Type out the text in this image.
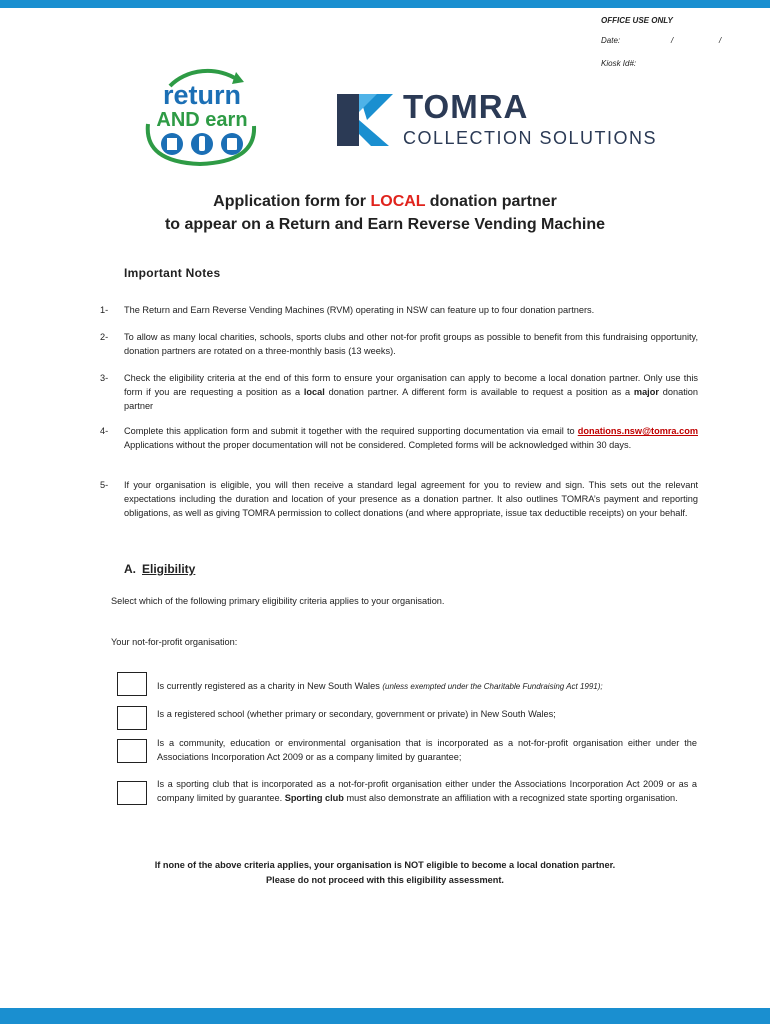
OFFICE USE ONLY
Date:	/	/
Kiosk Id#:
return
AND earn	TOMRA
COLLECTION SOLUTIONS
Application form for LOCAL donation partner
to appear on a Return and Earn Reverse Vending Machine
Important Notes
1- The Return and Earn Reverse Vending Machines (RVM) operating in NSW can feature up to four donation partners.
2- To allow as many local charities, schools, sports clubs and other not-for profit groups as possible to benefit from this fundraising opportunity, donation partners are rotated on a three-monthly basis (13 weeks).
3- Check the eligibility criteria at the end of this form to ensure your organisation can apply to become a local donation partner. Only use this form if you are requesting a position as a local donation partner. A different form is available to request a position as a major donation partner
4- Complete this application form and submit it together with the required supporting documentation via email to donations.nsw@tomra.com Applications without the proper documentation will not be considered. Completed forms will be acknowledged within 30 days.
5- If your organisation is eligible, you will then receive a standard legal agreement for you to review and sign. This sets out the relevant expectations including the duration and location of your presence as a donation partner. It also outlines TOMRA’s payment and reporting obligations, as well as giving TOMRA permission to collect donations (and where appropriate, issue tax deductible receipts) on your behalf.
A. Eligibility
Select which of the following primary eligibility criteria applies to your organisation.
Your not-for-profit organisation:
Is currently registered as a charity in New South Wales (unless exempted under the Charitable Fundraising Act 1991);
Is a registered school (whether primary or secondary, government or private) in New South Wales;
Is a community, education or environmental organisation that is incorporated as a not-for-profit organisation either under the Associations Incorporation Act 2009 or as a company limited by guarantee;
Is a sporting club that is incorporated as a not-for-profit organisation either under the Associations Incorporation Act 2009 or as a company limited by guarantee. Sporting club must also demonstrate an affiliation with a recognized state sporting organisation.
If none of the above criteria applies, your organisation is NOT eligible to become a local donation partner.
Please do not proceed with this eligibility assessment.
